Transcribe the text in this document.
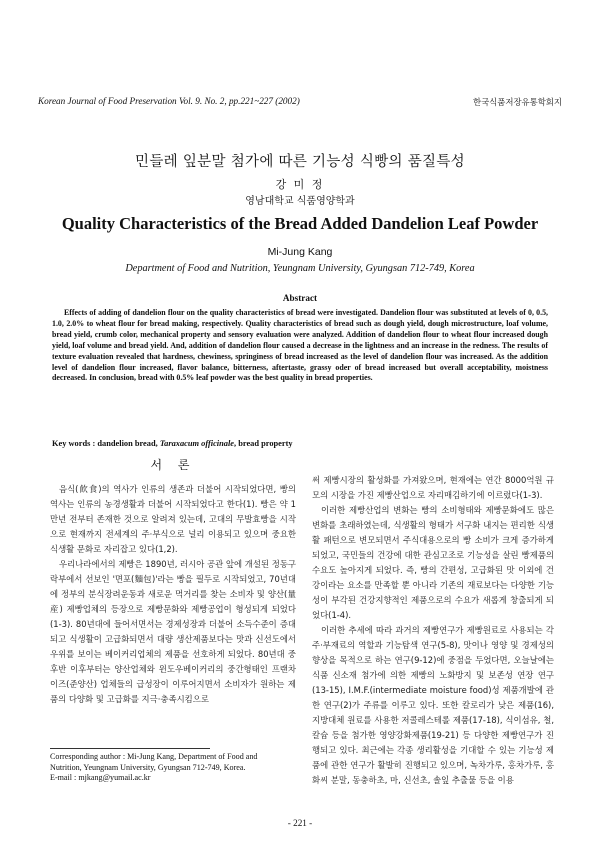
Korean Journal of Food Preservation Vol. 9. No. 2, pp.221~227 (2002)	한국식품저장유통학회지
민들레 잎분말 첨가에 따른 기능성 식빵의 품질특성
강 미 정
영남대학교 식품영양학과
Quality Characteristics of the Bread Added Dandelion Leaf Powder
Mi-Jung Kang
Department of Food and Nutrition, Yeungnam University, Gyungsan 712-749, Korea
Abstract
Effects of adding of dandelion flour on the quality characteristics of bread were investigated. Dandelion flour was substituted at levels of 0, 0.5, 1.0, 2.0% to wheat flour for bread making, respectively. Quality characteristics of bread such as dough yield, dough microstructure, loaf volume, bread yield, crumb color, mechanical property and sensory evaluation were analyzed. Addition of dandelion flour to wheat flour increased dough yield, loaf volume and bread yield. And, addition of dandelion flour caused a decrease in the lightness and an increase in the redness. The results of texture evaluation revealed that hardness, chewiness, springiness of bread increased as the level of dandelion flour was increased. As the addition level of dandelion flour increased, flavor balance, bitterness, aftertaste, grassy oder of bread increased but overall acceptability, moistness decreased. In conclusion, bread with 0.5% leaf powder was the best quality in bread properties.
Key words : dandelion bread, Taraxacum officinale, bread property
서 론

음식(飮食)의 역사가 인류의 생존과 더불어 시작되었다면, 빵의 역사는 인류의 농경생활과 더불어 시작되었다고 한다(1). 빵은 약 1만년 전부터 존재한 것으로 알려져 있는데, 고대의 무발효빵을 시작으로 현재까지 전세계의 주·부식으로 널리 이용되고 있으며 중요한 식생활 문화로 자리잡고 있다(1,2).

우리나라에서의 제빵은 1890년, 러시아 공관 앞에 개설된 정동구락부에서 선보인 '면포(麵包)'라는 빵을 필두로 시작되었고, 70년대에 정부의 분식장려운동과 새로운 먹거리를 찾는 소비자 및 양산(量産) 제빵업체의 등장으로 제빵문화와 제빵공업이 형성되게 되었다(1-3). 80년대에 들어서면서는 경제성장과 더불어 소득수준이 증대되고 식생활이 고급화되면서 대량 생산제품보다는 맛과 신선도에서 우위를 보이는 베이커리업체의 제품을 선호하게 되었다. 80년대 중후반 이후부터는 양산업체와 윈도우베이커리의 중간형태인 프랜차이즈(준양산) 업체들의 급성장이 이루어지면서 소비자가 원하는 제품의 다양화 및 고급화를 지극·충족시킴으로

써 제빵시장의 활성화를 가져왔으며, 현재에는 연간 8000억원 규모의 시장을 가진 제빵산업으로 자리매김하기에 이르렀다(1-3).

이러한 제빵산업의 변화는 빵의 소비형태와 제빵문화에도 많은 변화를 초래하였는데, 식생활의 형태가 서구화 내지는 편리한 식생활 패턴으로 변모되면서 주식대용으로의 빵 소비가 크게 증가하게 되었고, 국민들의 건강에 대한 관심고조로 기능성을 살린 빵제품의 수요도 높아지게 되었다. 즉, 빵의 간편성, 고급화된 맛 이외에 건강이라는 요소를 만족할 뿐 아니라 기존의 재료보다는 다양한 기능성이 부각된 건강지향적인 제품으로의 수요가 새롭게 창출되게 되었다(1-4).

이러한 추세에 따라 과거의 제빵연구가 제빵원료로 사용되는 각 주·부재료의 역할과 기능탐색 연구(5-8), 맛이나 영양 및 경제성의 향상을 목적으로 하는 연구(9-12)에 중점을 두었다면, 오늘날에는 식품 신소재 첨가에 의한 제빵의 노화방지 및 보존성 연장 연구(13-15), I.M.F.(intermediate moisture food)성 제품개발에 관한 연구(2)가 주류를 이루고 있다. 또한 칼로리가 낮은 제품(16), 지방대체 원료를 사용한 저콜레스테롤 제품(17-18), 식이섬유, 철, 칼슘 등을 첨가한 영양강화제품(19-21) 등 다양한 제빵연구가 진행되고 있다. 최근에는 각종 생리활성을 기대할 수 있는 기능성 제품에 관한 연구가 활발히 진행되고 있으며, 녹차가루, 홍차가루, 홍화씨 분말, 동충하초, 마, 신선초, 솔잎 추출물 등을 이용

Corresponding author : Mi-Jung Kang, Department of Food and
Nutrition, Yeungnam University, Gyungsan 712-749, Korea.
E-mail : mjkang@yumail.ac.kr
- 221 -
